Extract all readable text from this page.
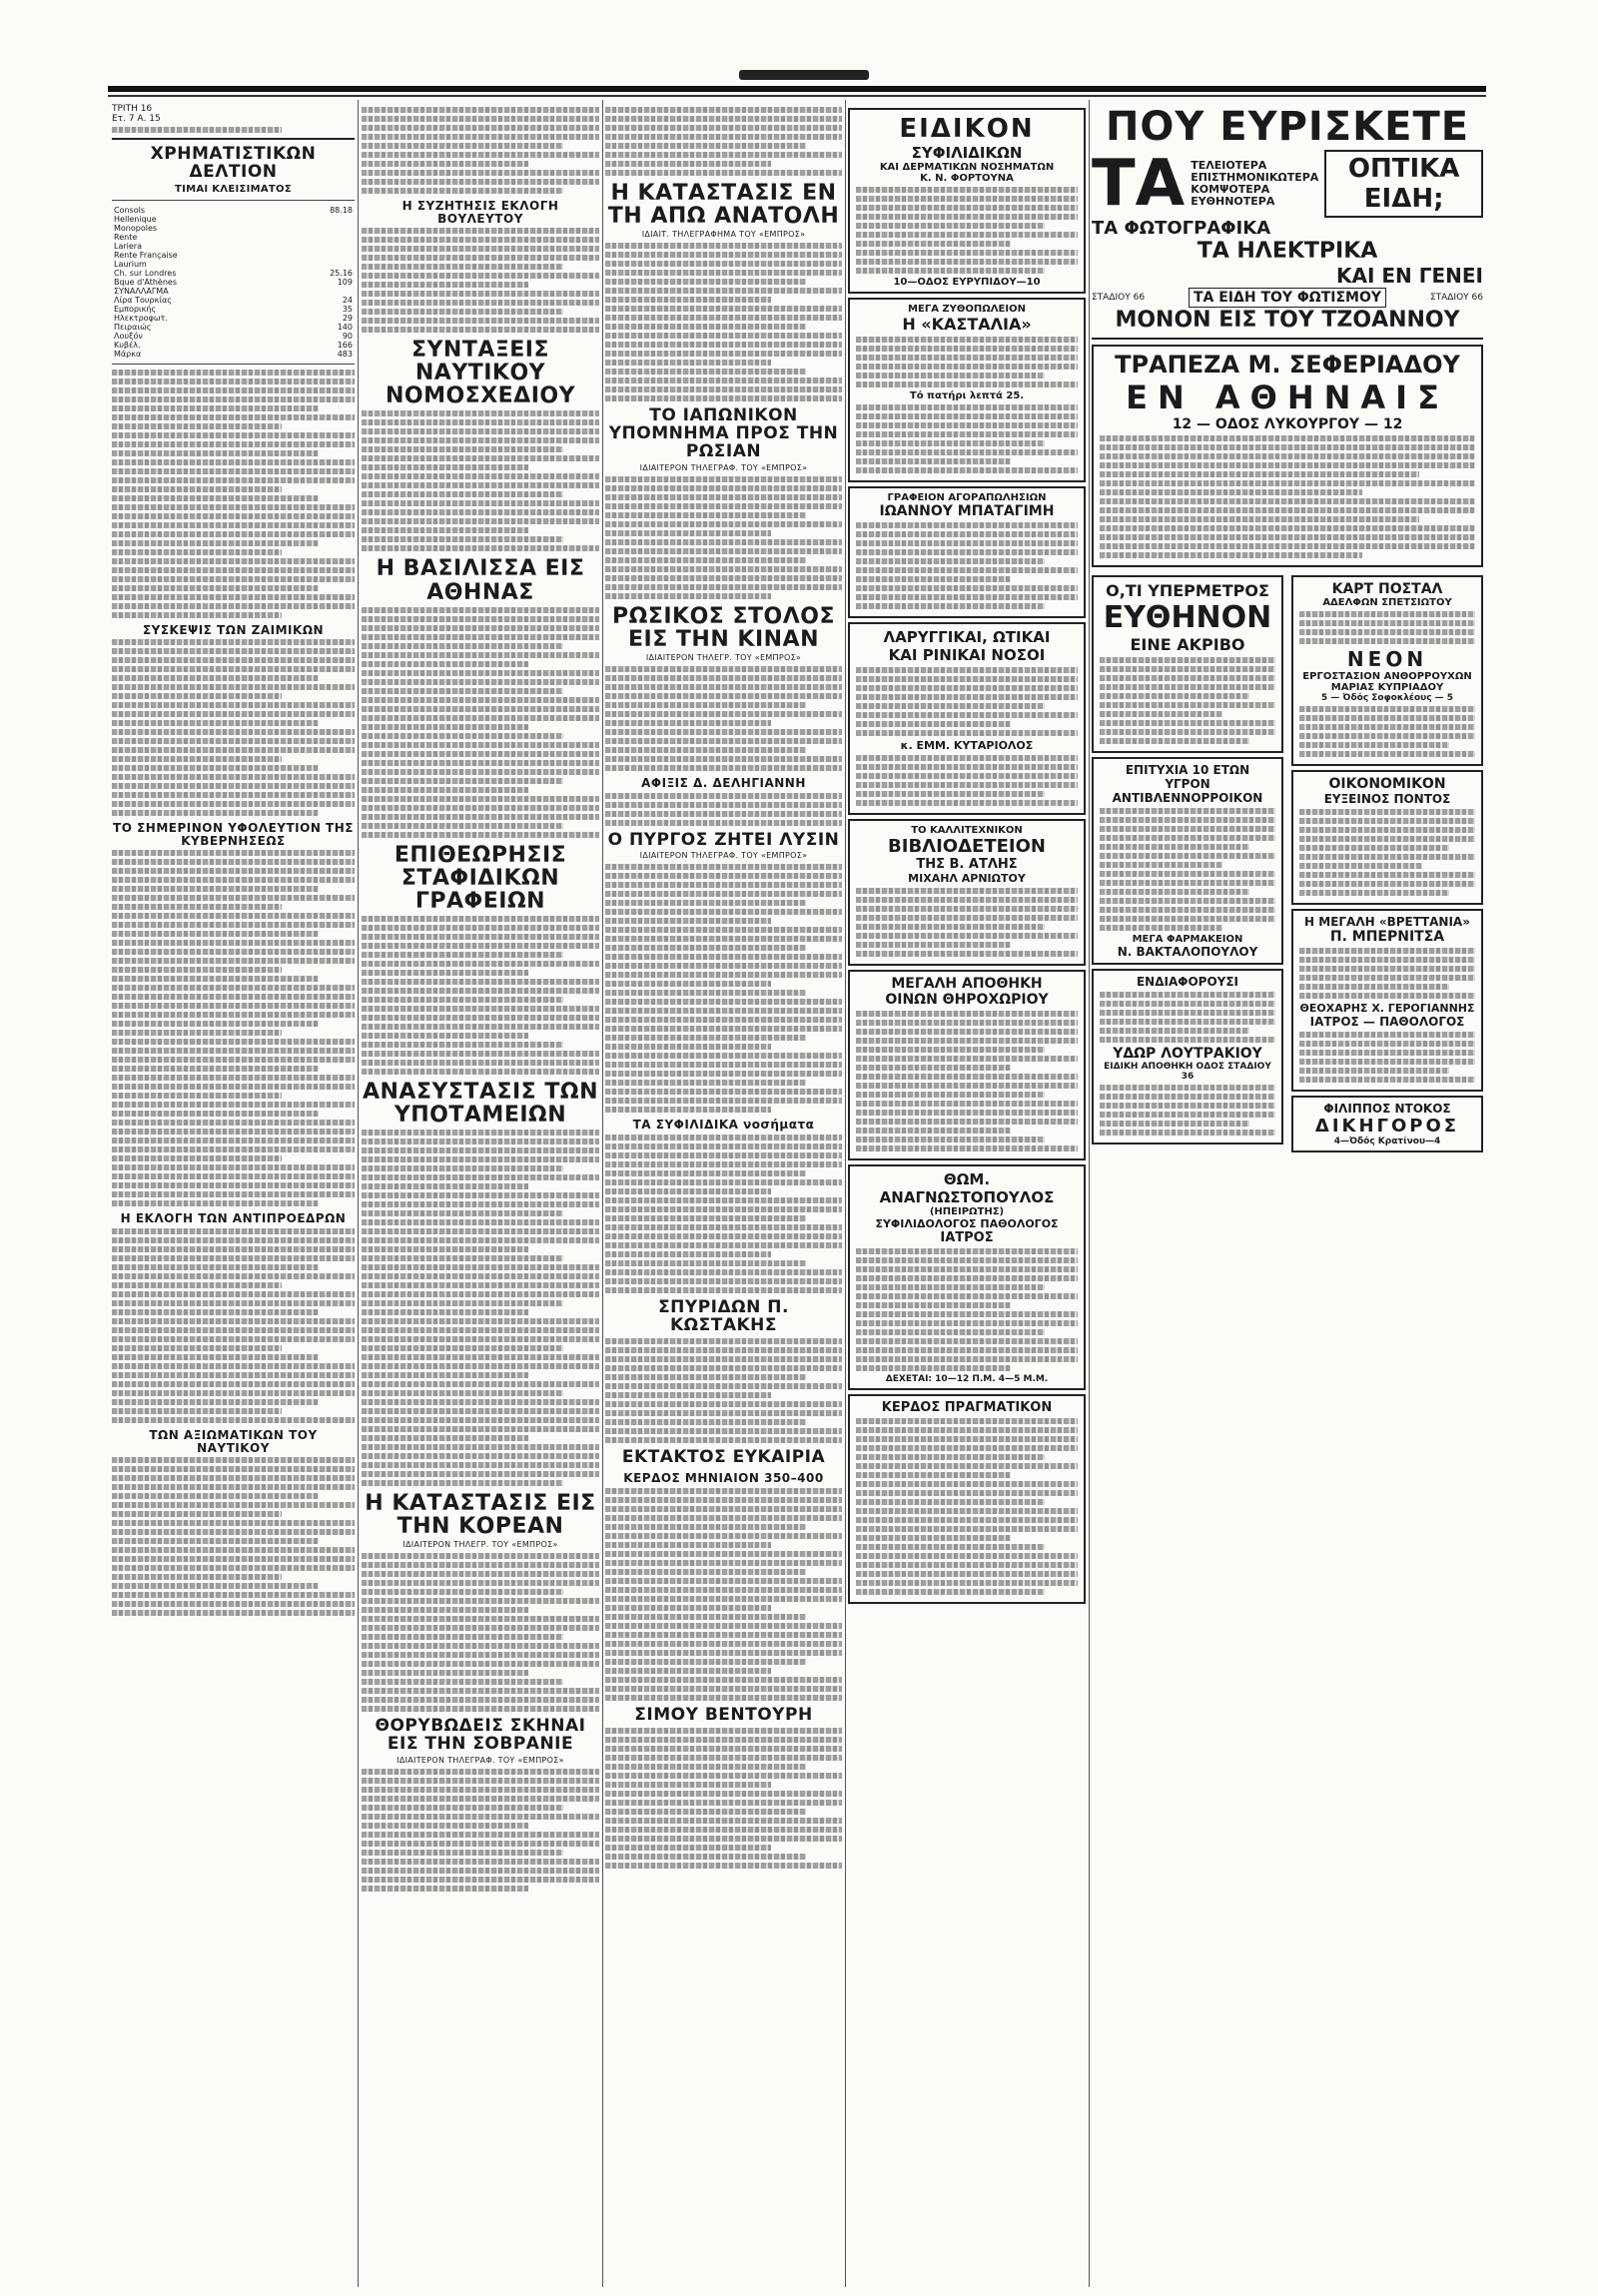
ΤΡΙΤΗ 16
Ετ. 7 Α. 15
ΧΡΗΜΑΤΙΣΤΙΚΩΝ ΔΕΛΤΙΟΝ
ΤΙΜΑΙ ΚΛΕΙΣΙΜΑΤΟΣ
Consols	88.18
Hellenique	
Monopoles	
Rente	
Lariera	
Rente Française	
Laurium	
Ch. sur Londres	25.16
Bque d'Athènes	109
ΣΥΝΑΛΛΑΓΜΑ	
Λίρα Τουρκίας	24
Εμπορικής	35
Ηλεκτροφωτ.	29
Πειραιώς	140
Λουξόν	90
Κυβέλ.	166
Μάρκα	483
ΣΥΣΚΕΨΙΣ ΤΩΝ ΖΑΙΜΙΚΩΝ
ΤΟ ΣΗΜΕΡΙΝΟΝ ΥΦΟΛΕΥΤΙΟΝ ΤΗΣ ΚΥΒΕΡΝΗΣΕΩΣ
Η ΕΚΛΟΓΗ ΤΩΝ ΑΝΤΙΠΡΟΕΔΡΩΝ
ΤΩΝ ΑΞΙΩΜΑΤΙΚΩΝ ΤΟΥ ΝΑΥΤΙΚΟΥ
Η ΣΥΖΗΤΗΣΙΣ ΕΚΛΟΓΗ ΒΟΥΛΕΥΤΟΥ
ΣΥΝΤΑΞΕΙΣ ΝΑΥΤΙΚΟΥ ΝΟΜΟΣΧΕΔΙΟΥ
Η ΒΑΣΙΛΙΣΣΑ ΕΙΣ ΑΘΗΝΑΣ
ΕΠΙΘΕΩΡΗΣΙΣ ΣΤΑΦΙΔΙΚΩΝ ΓΡΑΦΕΙΩΝ
ΑΝΑΣΥΣΤΑΣΙΣ ΤΩΝ ΥΠΟΤΑΜΕΙΩΝ
Η ΚΑΤΑΣΤΑΣΙΣ ΕΙΣ ΤΗΝ ΚΟΡΕΑΝ
ΙΔΙΑΙΤΕΡΟΝ ΤΗΛΕΓΡ. ΤΟΥ «ΕΜΠΡΟΣ»
ΘΟΡΥΒΩΔΕΙΣ ΣΚΗΝΑΙ ΕΙΣ ΤΗΝ ΣΟΒΡΑΝΙΕ
ΙΔΙΑΙΤΕΡΟΝ ΤΗΛΕΓΡΑΦ. ΤΟΥ «ΕΜΠΡΟΣ»
Η ΚΑΤΑΣΤΑΣΙΣ ΕΝ ΤΗ ΑΠΩ ΑΝΑΤΟΛΗ
ΙΔΙΑΙΤ. ΤΗΛΕΓΡΑΦΗΜΑ ΤΟΥ «ΕΜΠΡΟΣ»
ΤΟ ΙΑΠΩΝΙΚΟΝ ΥΠΟΜΝΗΜΑ ΠΡΟΣ ΤΗΝ ΡΩΣΙΑΝ
ΙΔΙΑΙΤΕΡΟΝ ΤΗΛΕΓΡΑΦ. ΤΟΥ «ΕΜΠΡΟΣ»
ΡΩΣΙΚΟΣ ΣΤΟΛΟΣ ΕΙΣ ΤΗΝ ΚΙΝΑΝ
ΙΔΙΑΙΤΕΡΟΝ ΤΗΛΕΓΡ. ΤΟΥ «ΕΜΠΡΟΣ»
ΑΦΙΞΙΣ Δ. ΔΕΛΗΓΙΑΝΝΗ
Ο ΠΥΡΓΟΣ ΖΗΤΕΙ ΛΥΣΙΝ
ΙΔΙΑΙΤΕΡΟΝ ΤΗΛΕΓΡΑΦ. ΤΟΥ «ΕΜΠΡΟΣ»
ΤΑ ΣΥΦΙΛΙΔΙΚΑ νοσήματα
ΣΠΥΡΙΔΩΝ Π. ΚΩΣΤΑΚΗΣ
ΕΚΤΑΚΤΟΣ ΕΥΚΑΙΡΙΑ
ΚΕΡΔΟΣ ΜΗΝΙΑΙΟΝ 350–400
ΣΙΜΟΥ ΒΕΝΤΟΥΡΗ
ΕΙΔΙΚΟΝ
ΣΥΦΙΛΙΔΙΚΩΝ
ΚΑΙ ΔΕΡΜΑΤΙΚΩΝ ΝΟΣΗΜΑΤΩΝ
Κ. Ν. ΦΟΡΤΟΥΝΑ
10—ΟΔΟΣ ΕΥΡΥΠΙΔΟΥ—10
ΜΕΓΑ ΖΥΘΟΠΩΛΕΙΟΝ
Η «ΚΑΣΤΑΛΙΑ»
Τό πατήρι λεπτά 25.
ΓΡΑΦΕΙΟΝ ΑΓΟΡΑΠΩΛΗΣΙΩΝ
ΙΩΑΝΝΟΥ ΜΠΑΤΑΓΙΜΗ
ΛΑΡΥΓΓΙΚΑΙ, ΩΤΙΚΑΙ
ΚΑΙ ΡΙΝΙΚΑΙ ΝΟΣΟΙ
κ. ΕΜΜ. ΚΥΤΑΡΙΟΛΟΣ
ΤΟ ΚΑΛΛΙΤΕΧΝΙΚΟΝ
ΒΙΒΛΙΟΔΕΤΕΙΟΝ
ΤΗΣ Β. ΑΤΛΗΣ
ΜΙΧΑΗΛ ΑΡΝΙΩΤΟΥ
ΜΕΓΑΛΗ ΑΠΟΘΗΚΗ
ΟΙΝΩΝ ΘΗΡΟΧΩΡΙΟΥ
ΘΩΜ. ΑΝΑΓΝΩΣΤΟΠΟΥΛΟΣ
(ΗΠΕΙΡΩΤΗΣ)
ΣΥΦΙΛΙΔΟΛΟΓΟΣ ΠΑΘΟΛΟΓΟΣ
ΙΑΤΡΟΣ
ΔΕΧΕΤΑΙ: 10—12 Π.Μ. 4—5 Μ.Μ.
ΚΕΡΔΟΣ ΠΡΑΓΜΑΤΙΚΟΝ
ΠΟΥ ΕΥΡΙΣΚΕΤΕ
ΤΑ ΤΕΛΕΙΟΤΕΡΑ
ΕΠΙΣΤΗΜΟΝΙΚΩΤΕΡΑ
ΚΟΜΨΟΤΕΡΑ
ΕΥΘΗΝΟΤΕΡΑ
ΟΠΤΙΚΑ ΕΙΔΗ;
ΤΑ ΦΩΤΟΓΡΑΦΙΚΑ
ΤΑ ΗΛΕΚΤΡΙΚΑ
ΚΑΙ ΕΝ ΓΕΝΕΙ
ΣΤΑΔΙΟΥ 66	ΤΑ ΕΙΔΗ ΤΟΥ ΦΩΤΙΣΜΟΥ	ΣΤΑΔΙΟΥ 66
ΜΟΝΟΝ ΕΙΣ ΤΟΥ ΤΖΟΑΝΝΟΥ
ΤΡΑΠΕΖΑ Μ. ΣΕΦΕΡΙΑΔΟΥ
ΕΝ ΑΘΗΝΑΙΣ
12 — ΟΔΟΣ ΛΥΚΟΥΡΓΟΥ — 12
Ο,ΤΙ ΥΠΕΡΜΕΤΡΟΣ
ΕΥΘΗΝΟΝ
ΕΙΝΕ ΑΚΡΙΒΟ
ΕΠΙΤΥΧΙΑ 10 ΕΤΩΝ
ΥΓΡΟΝ ΑΝΤΙΒΛΕΝΝΟΡΡΟΙΚΟΝ
ΜΕΓΑ ΦΑΡΜΑΚΕΙΟΝ
Ν. ΒΑΚΤΑΛΟΠΟΥΛΟΥ
ΕΝΔΙΑΦΟΡΟΥΣΙ
ΥΔΩΡ ΛΟΥΤΡΑΚΙΟΥ
ΕΙΔΙΚΗ ΑΠΟΘΗΚΗ ΟΔΟΣ ΣΤΑΔΙΟΥ 36
ΚΑΡΤ ΠΟΣΤΑΛ
ΑΔΕΛΦΩΝ ΣΠΕΤΣΙΩΤΟΥ
ΝΕΟΝ
ΕΡΓΟΣΤΑΣΙΟΝ ΑΝΘΟΡΡΟΥΧΩΝ
ΜΑΡΙΑΣ ΚΥΠΡΙΑΔΟΥ
5 — Όδός Σοφοκλέους — 5
ΟΙΚΟΝΟΜΙΚΟΝ
ΕΥΞΕΙΝΟΣ ΠΟΝΤΟΣ
Η ΜΕΓΑΛΗ «ΒΡΕΤΤΑΝΙΑ»
Π. ΜΠΕΡΝΙΤΣΑ
ΘΕΟΧΑΡΗΣ Χ. ΓΕΡΟΓΙΑΝΝΗΣ
ΙΑΤΡΟΣ — ΠΑΘΟΛΟΓΟΣ
ΦΙΛΙΠΠΟΣ ΝΤΟΚΟΣ
ΔΙΚΗΓΟΡΟΣ
4—Όδός Κρατίνου—4
